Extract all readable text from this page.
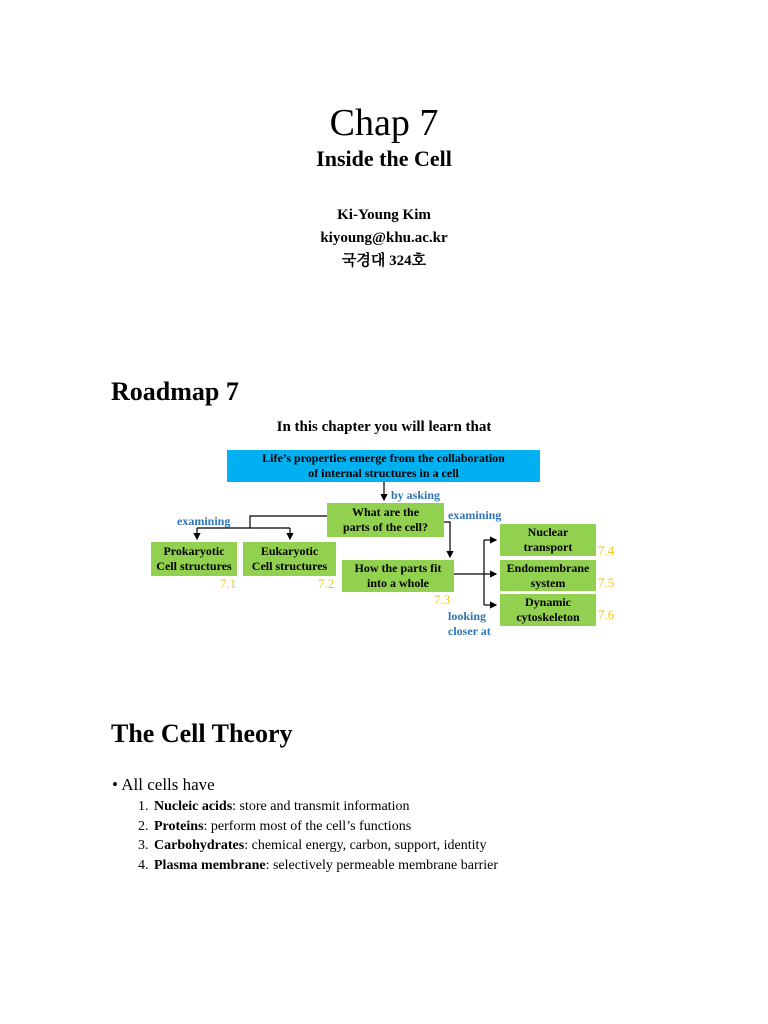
Chap 7
Inside the Cell
Ki-Young Kim
kiyoung@khu.ac.kr
국경대 324호
Roadmap 7
In this chapter you will learn that
Life’s properties emerge from the collaboration
of internal structures in a cell
by asking
What are the
parts of the cell?
examining	examining
Prokaryotic
Cell structures
7.1
Eukaryotic
Cell structures
7.2
How the parts fit
into a whole
7.3
Nuclear
transport 7.4
Endomembrane
system	7.5
Dynamic
cytoskeleton 7.6
looking
closer at
The Cell Theory
• All cells have
1. Nucleic acids: store and transmit information
2. Proteins: perform most of the cell’s functions
3. Carbohydrates: chemical energy, carbon, support, identity
4. Plasma membrane: selectively permeable membrane barrier
